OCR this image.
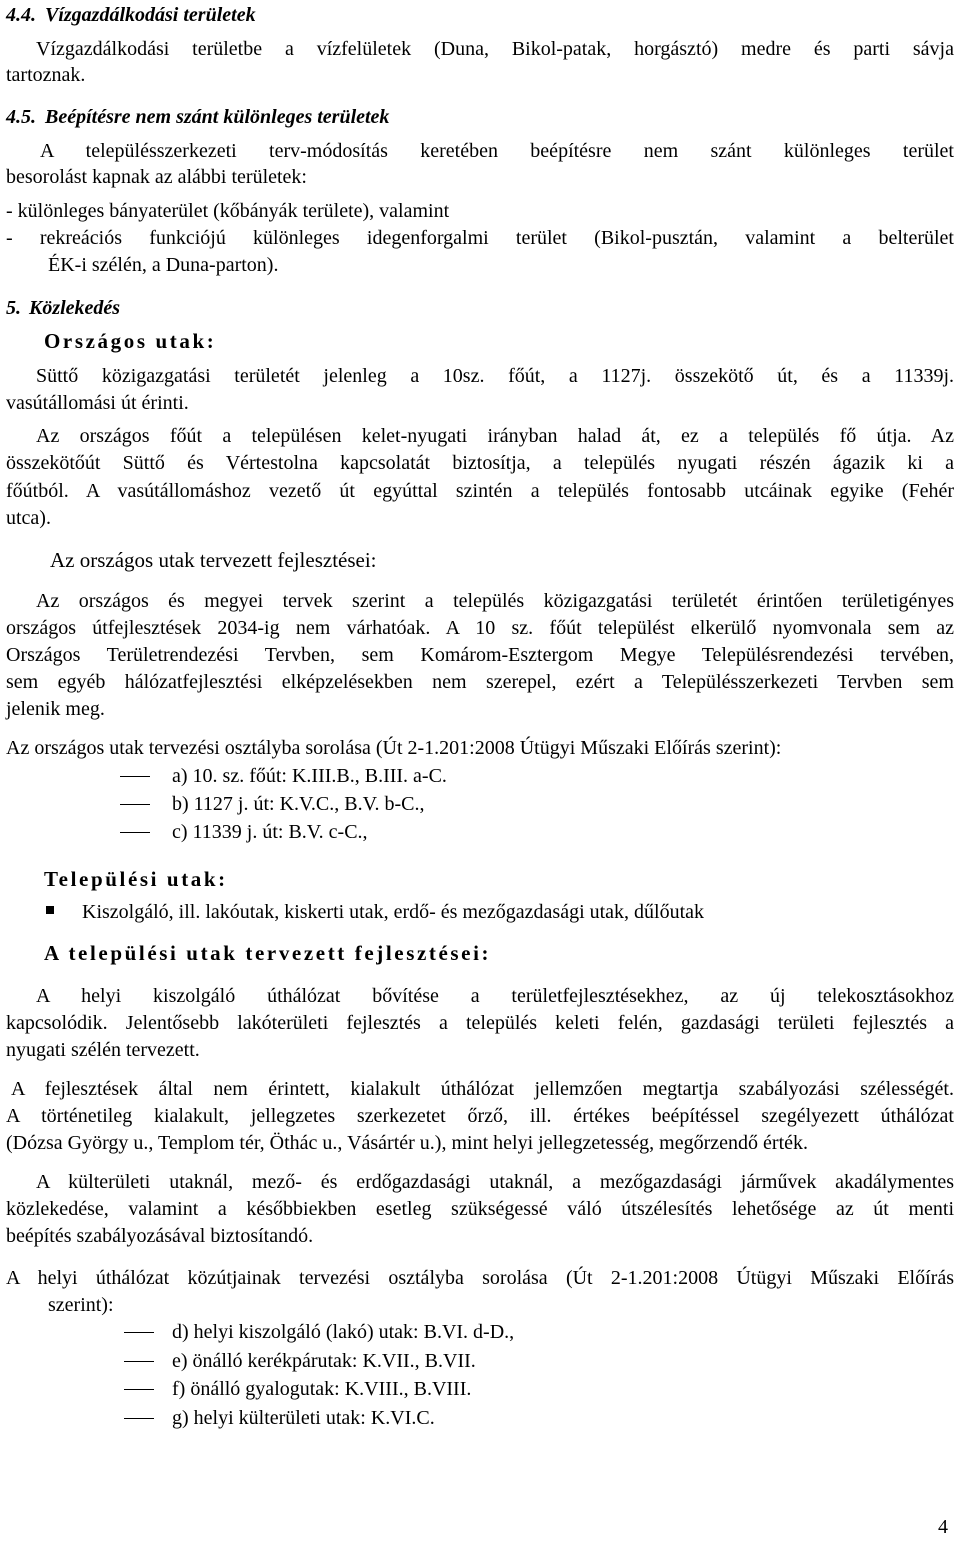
4.4. Vízgazdálkodási területek
Vízgazdálkodási területbe a vízfelületek (Duna, Bikol-patak, horgásztó) medre és parti sávja
tartoznak.
4.5. Beépítésre nem szánt különleges területek
A településszerkezeti terv-módosítás keretében beépítésre nem szánt különleges terület
besorolást kapnak az alábbi területek:
- különleges bányaterület (kőbányák területe), valamint
- rekreációs funkciójú különleges idegenforgalmi terület (Bikol-pusztán, valamint a belterület
ÉK-i szélén, a Duna-parton).
5. Közlekedés
Országos utak:
Süttő közigazgatási területét jelenleg a 10sz. főút, a 1127j. összekötő út, és a 11339j.
vasútállomási út érinti.
Az országos főút a településen kelet-nyugati irányban halad át, ez a település fő útja. Az
összekötőút Süttő és Vértestolna kapcsolatát biztosítja, a település nyugati részén ágazik ki a
főútból. A vasútállomáshoz vezető út egyúttal szintén a település fontosabb utcáinak egyike (Fehér
utca).
Az országos utak tervezett fejlesztései:
Az országos és megyei tervek szerint a település közigazgatási területét érintően területigényes
országos útfejlesztések 2034-ig nem várhatóak. A 10 sz. főút települést elkerülő nyomvonala sem az
Országos Területrendezési Tervben, sem Komárom-Esztergom Megye Településrendezési tervében,
sem egyéb hálózatfejlesztési elképzelésekben nem szerepel, ezért a Településszerkezeti Tervben sem
jelenik meg.
Az országos utak tervezési osztályba sorolása (Út 2-1.201:2008 Útügyi Műszaki Előírás szerint):
a) 10. sz. főút: K.III.B., B.III. a-C.
b) 1127 j. út: K.V.C., B.V. b-C.,
c) 11339 j. út: B.V. c-C.,
Települési utak:
Kiszolgáló, ill. lakóutak, kiskerti utak, erdő- és mezőgazdasági utak, dűlőutak
A települési utak tervezett fejlesztései:
A helyi kiszolgáló úthálózat bővítése a területfejlesztésekhez, az új telekosztásokhoz
kapcsolódik. Jelentősebb lakóterületi fejlesztés a település keleti felén, gazdasági területi fejlesztés a
nyugati szélén tervezett.
A fejlesztések által nem érintett, kialakult úthálózat jellemzően megtartja szabályozási szélességét.
A történetileg kialakult, jellegzetes szerkezetet őrző, ill. értékes beépítéssel szegélyezett úthálózat
(Dózsa György u., Templom tér, Öthác u., Vásártér u.), mint helyi jellegzetesség, megőrzendő érték.
A külterületi utaknál, mező- és erdőgazdasági utaknál, a mezőgazdasági járművek akadálymentes
közlekedése, valamint a későbbiekben esetleg szükségessé váló útszélesítés lehetősége az út menti
beépítés szabályozásával biztosítandó.
A helyi úthálózat közútjainak tervezési osztályba sorolása (Út 2-1.201:2008 Útügyi Műszaki Előírás
szerint):
d) helyi kiszolgáló (lakó) utak: B.VI. d-D.,
e) önálló kerékpárutak: K.VII., B.VII.
f) önálló gyalogutak: K.VIII., B.VIII.
g) helyi külterületi utak: K.VI.C.
4
